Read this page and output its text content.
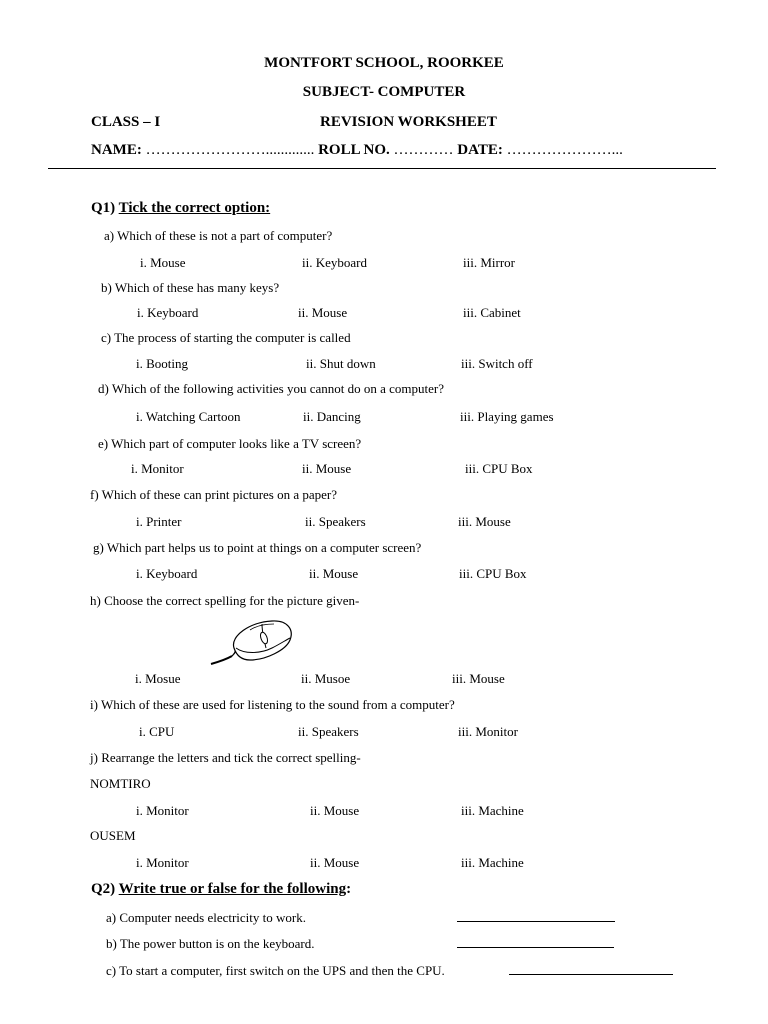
MONTFORT SCHOOL, ROORKEE
SUBJECT- COMPUTER
CLASS – I	REVISION WORKSHEET
NAME: ……………………............. ROLL NO. ………… DATE: …………………...
Q1) Tick the correct option:
a) Which of these is not a part of computer?
i. Mouse	ii. Keyboard	iii. Mirror
b) Which of these has many keys?
i. Keyboard	ii. Mouse	iii. Cabinet
c) The process of starting the computer is called
i. Booting	ii. Shut down	iii. Switch off
d) Which of the following activities you cannot do on a computer?
i. Watching Cartoon	ii. Dancing	iii. Playing games
e) Which part of computer looks like a TV screen?
i. Monitor	ii. Mouse	iii. CPU Box
f) Which of these can print pictures on a paper?
i. Printer	ii. Speakers	iii. Mouse
g) Which part helps us to point at things on a computer screen?
i. Keyboard	ii. Mouse	iii. CPU Box
h) Choose the correct spelling for the picture given-
i. Mosue	ii. Musoe	iii. Mouse
i) Which of these are used for listening to the sound from a computer?
i. CPU	ii. Speakers	iii. Monitor
j) Rearrange the letters and tick the correct spelling-
NOMTIRO
i. Monitor	ii. Mouse	iii. Machine
OUSEM
i. Monitor	ii. Mouse	iii. Machine
Q2) Write true or false for the following:
a) Computer needs electricity to work.
b) The power button is on the keyboard.
c) To start a computer, first switch on the UPS and then the CPU.
